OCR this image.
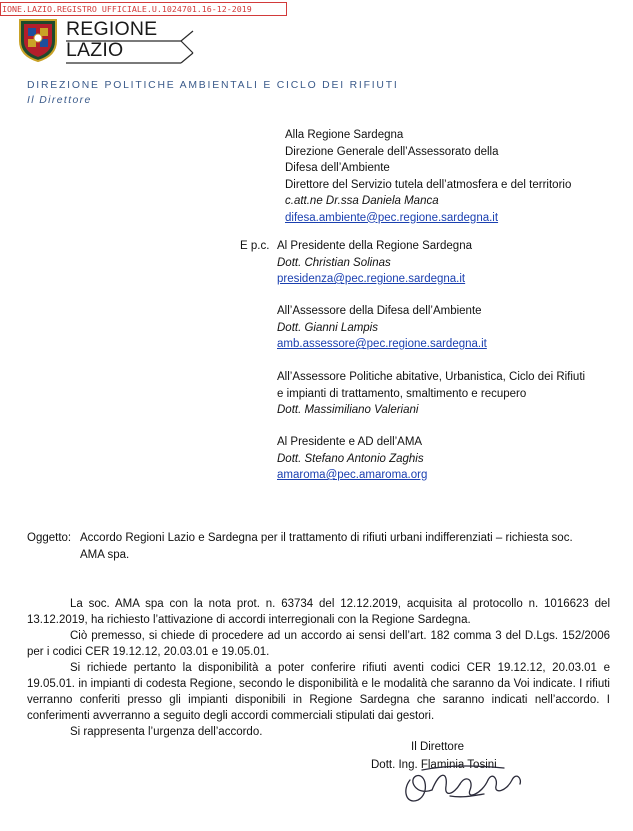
IONE.LAZIO.REGISTRO UFFICIALE.U.1024701.16-12-2019
REGIONE
LAZIO
DIREZIONE POLITICHE AMBIENTALI E CICLO DEI RIFIUTI
Il Direttore
Alla Regione Sardegna
Direzione Generale dell’Assessorato della
Difesa dell’Ambiente
Direttore del Servizio tutela dell’atmosfera e del territorio
c.att.ne Dr.ssa Daniela Manca
difesa.ambiente@pec.regione.sardegna.it
E p.c. Al Presidente della Regione Sardegna
Dott. Christian Solinas
presidenza@pec.regione.sardegna.it
All’Assessore della Difesa dell’Ambiente
Dott. Gianni Lampis
amb.assessore@pec.regione.sardegna.it
All’Assessore Politiche abitative, Urbanistica, Ciclo dei Rifiuti
e impianti di trattamento, smaltimento e recupero
Dott. Massimiliano Valeriani
Al Presidente e AD dell’AMA
Dott. Stefano Antonio Zaghis
amaroma@pec.amaroma.org
Oggetto: Accordo Regioni Lazio e Sardegna per il trattamento di rifiuti urbani indifferenziati – richiesta soc.
AMA spa.
La soc. AMA spa con la nota prot. n. 63734 del 12.12.2019, acquisita al protocollo n. 1016623 del 13.12.2019, ha richiesto l’attivazione di accordi interregionali con la Regione Sardegna.
Ciò premesso, si chiede di procedere ad un accordo ai sensi dell’art. 182 comma 3 del D.Lgs. 152/2006 per i codici CER 19.12.12, 20.03.01 e 19.05.01.
Si richiede pertanto la disponibilità a poter conferire rifiuti aventi codici CER 19.12.12, 20.03.01 e 19.05.01. in impianti di codesta Regione, secondo le disponibilità e le modalità che saranno da Voi indicate. I rifiuti verranno conferiti presso gli impianti disponibili in Regione Sardegna che saranno indicati nell’accordo. I conferimenti avverranno a seguito degli accordi commerciali stipulati dai gestori.
Si rappresenta l’urgenza dell’accordo.
Il Direttore
Dott. Ing. Flaminia Tosini
